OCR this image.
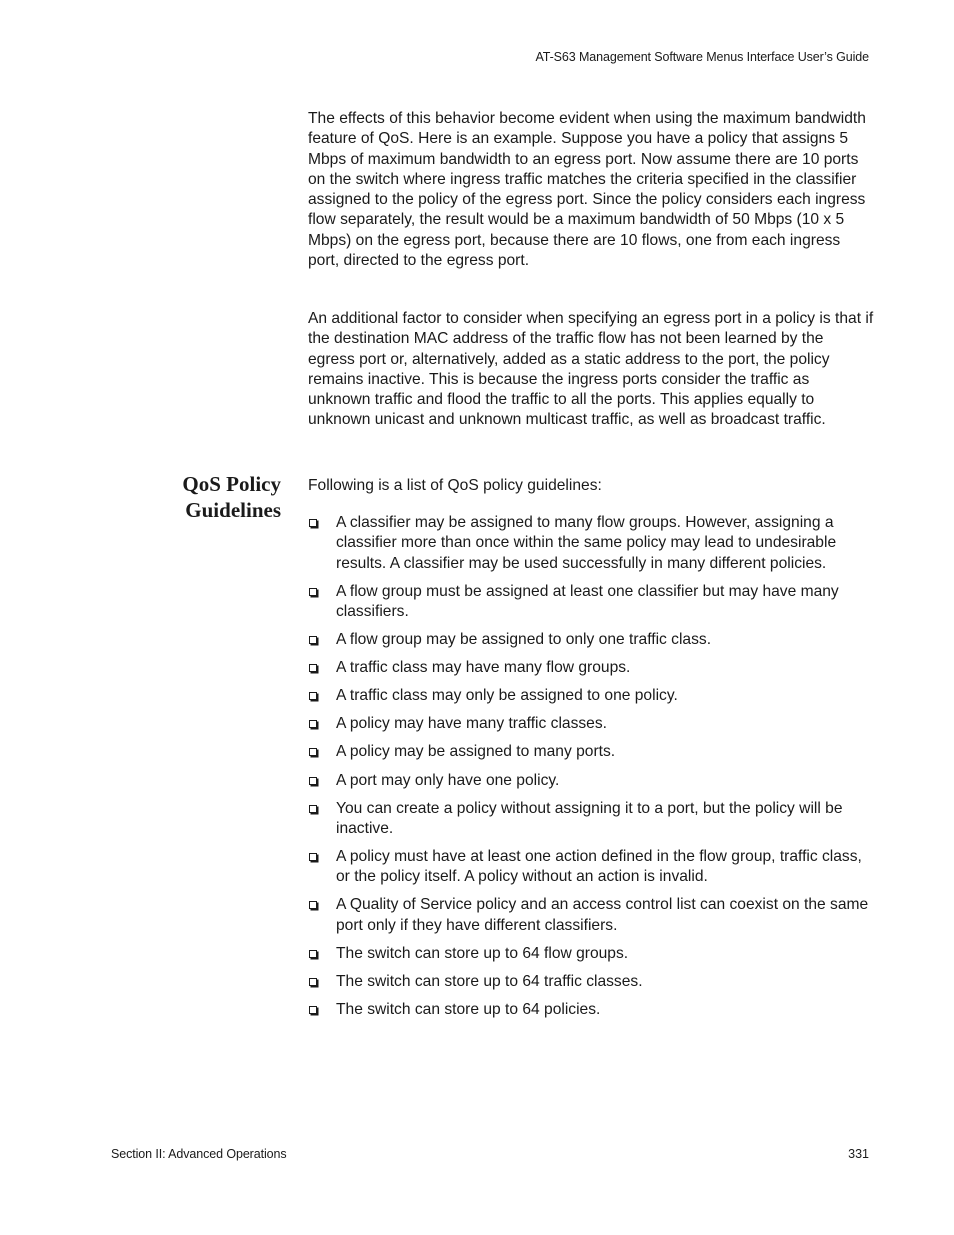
AT-S63 Management Software Menus Interface User’s Guide

The effects of this behavior become evident when using the maximum bandwidth feature of QoS. Here is an example. Suppose you have a policy that assigns 5 Mbps of maximum bandwidth to an egress port. Now assume there are 10 ports on the switch where ingress traffic matches the criteria specified in the classifier assigned to the policy of the egress port. Since the policy considers each ingress flow separately, the result would be a maximum bandwidth of 50 Mbps (10 x 5 Mbps) on the egress port, because there are 10 flows, one from each ingress port, directed to the egress port.

An additional factor to consider when specifying an egress port in a policy is that if the destination MAC address of the traffic flow has not been learned by the egress port or, alternatively, added as a static address to the port, the policy remains inactive. This is because the ingress ports consider the traffic as unknown traffic and flood the traffic to all the ports. This applies equally to unknown unicast and unknown multicast traffic, as well as broadcast traffic.

QoS Policy
Guidelines

Following is a list of QoS policy guidelines:

A classifier may be assigned to many flow groups. However, assigning a classifier more than once within the same policy may lead to undesirable results. A classifier may be used successfully in many different policies.
A flow group must be assigned at least one classifier but may have many classifiers.
A flow group may be assigned to only one traffic class.
A traffic class may have many flow groups.
A traffic class may only be assigned to one policy.
A policy may have many traffic classes.
A policy may be assigned to many ports.
A port may only have one policy.
You can create a policy without assigning it to a port, but the policy will be inactive.
A policy must have at least one action defined in the flow group, traffic class, or the policy itself. A policy without an action is invalid.
A Quality of Service policy and an access control list can coexist on the same port only if they have different classifiers.
The switch can store up to 64 flow groups.
The switch can store up to 64 traffic classes.
The switch can store up to 64 policies.
Section II: Advanced Operations	331
